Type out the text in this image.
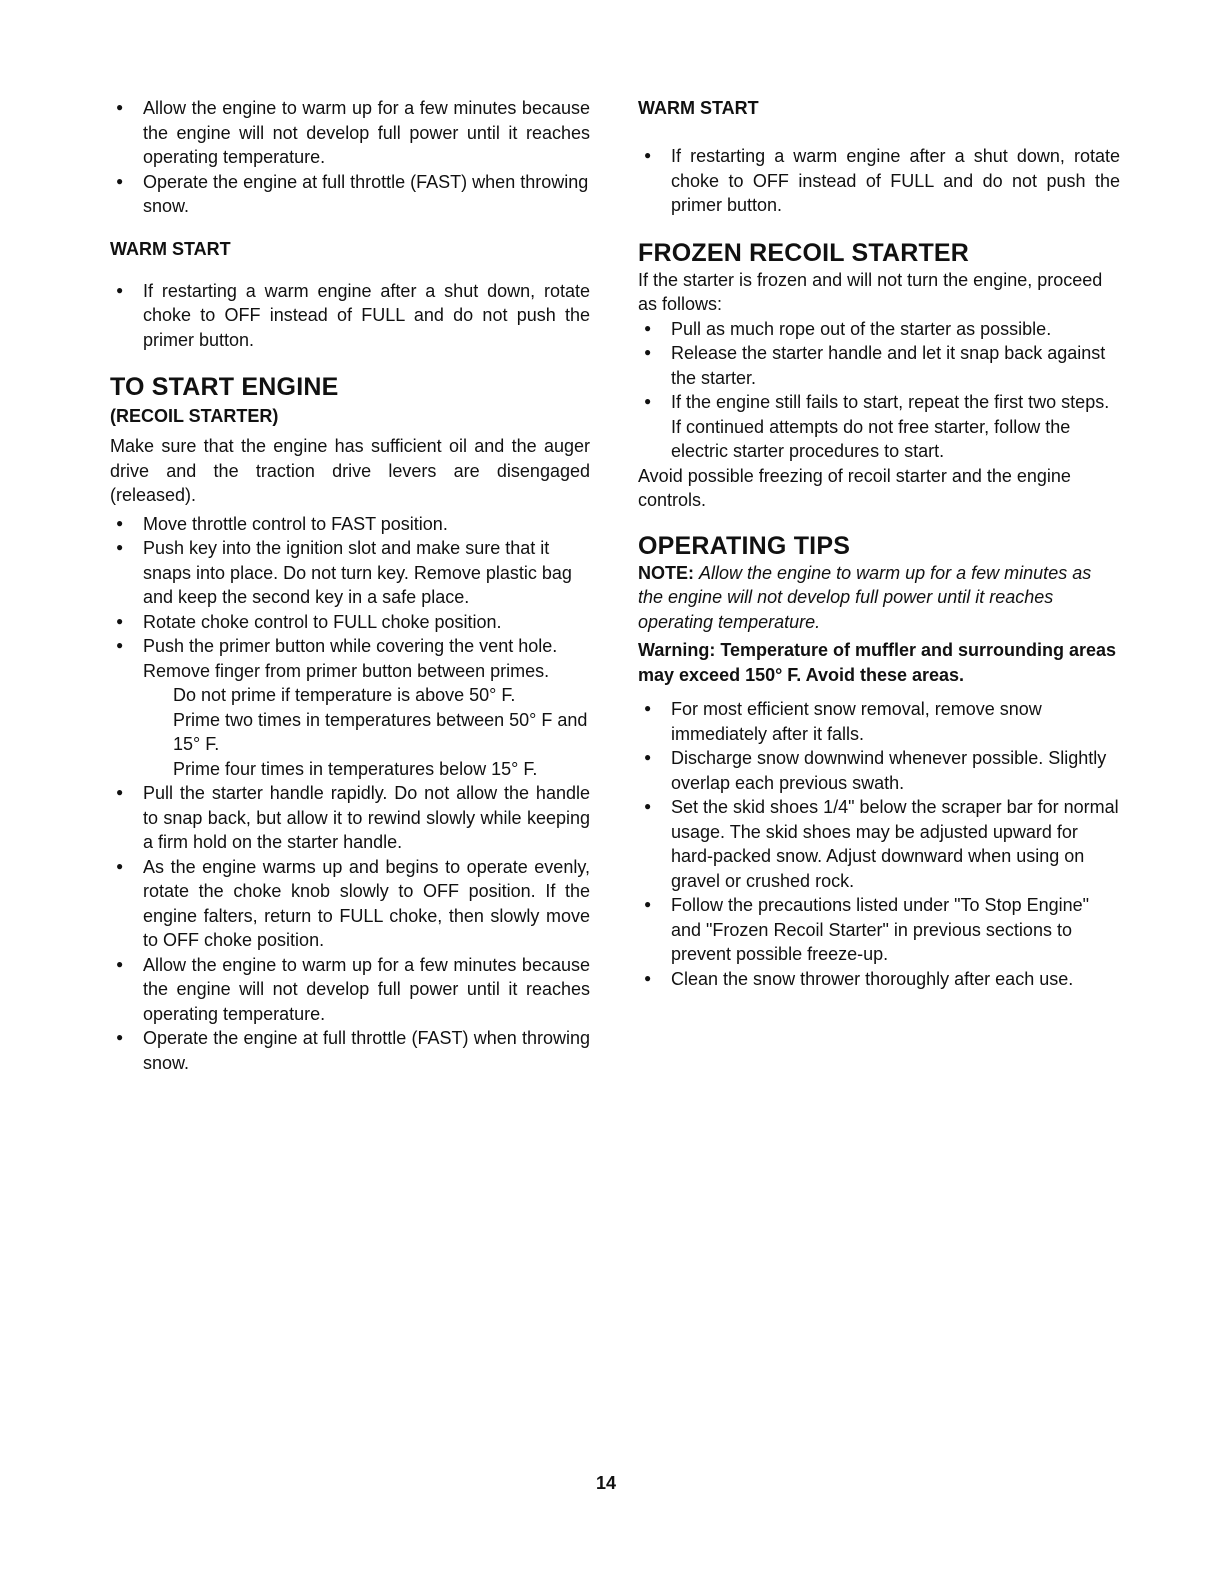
● Allow the engine to warm up for a few minutes because the engine will not develop full power until it reaches operating temperature.
● Operate the engine at full throttle (FAST) when throwing snow.
WARM START
● If restarting a warm engine after a shut down, rotate choke to OFF instead of FULL and do not push the primer button.
TO START ENGINE
(RECOIL STARTER)

Make sure that the engine has sufficient oil and the auger drive and the traction drive levers are disengaged (released).

● Move throttle control to FAST position.
● Push key into the ignition slot and make sure that it snaps into place. Do not turn key. Remove plastic bag and keep the second key in a safe place.
● Rotate choke control to FULL choke position.
● Push the primer button while covering the vent hole.

Remove finger from primer button between primes.

Do not prime if temperature is above 50° F.

Prime two times in temperatures between 50° F and 15° F.

Prime four times in temperatures below 15° F.

● Pull the starter handle rapidly. Do not allow the handle to snap back, but allow it to rewind slowly while keeping a firm hold on the starter handle.
● As the engine warms up and begins to operate evenly, rotate the choke knob slowly to OFF position. If the engine falters, return to FULL choke, then slowly move to OFF choke position.
● Allow the engine to warm up for a few minutes because the engine will not develop full power until it reaches operating temperature.
● Operate the engine at full throttle (FAST) when throwing snow.
WARM START
● If restarting a warm engine after a shut down, rotate choke to OFF instead of FULL and do not push the primer button.
FROZEN RECOIL STARTER

If the starter is frozen and will not turn the engine, proceed as follows:

● Pull as much rope out of the starter as possible.
● Release the starter handle and let it snap back against the starter.
● If the engine still fails to start, repeat the first two steps. If continued attempts do not free starter, follow the electric starter procedures to start.

Avoid possible freezing of recoil starter and the engine controls.

OPERATING TIPS

NOTE: Allow the engine to warm up for a few minutes as the engine will not develop full power until it reaches operating temperature.

Warning: Temperature of muffler and surrounding areas may exceed 150° F. Avoid these areas.

● For most efficient snow removal, remove snow immediately after it falls.
● Discharge snow downwind whenever possible. Slightly overlap each previous swath.
● Set the skid shoes 1/4" below the scraper bar for normal usage. The skid shoes may be adjusted upward for hard-packed snow. Adjust downward when using on gravel or crushed rock.
● Follow the precautions listed under "To Stop Engine" and "Frozen Recoil Starter" in previous sections to prevent possible freeze-up.
● Clean the snow thrower thoroughly after each use.
14
